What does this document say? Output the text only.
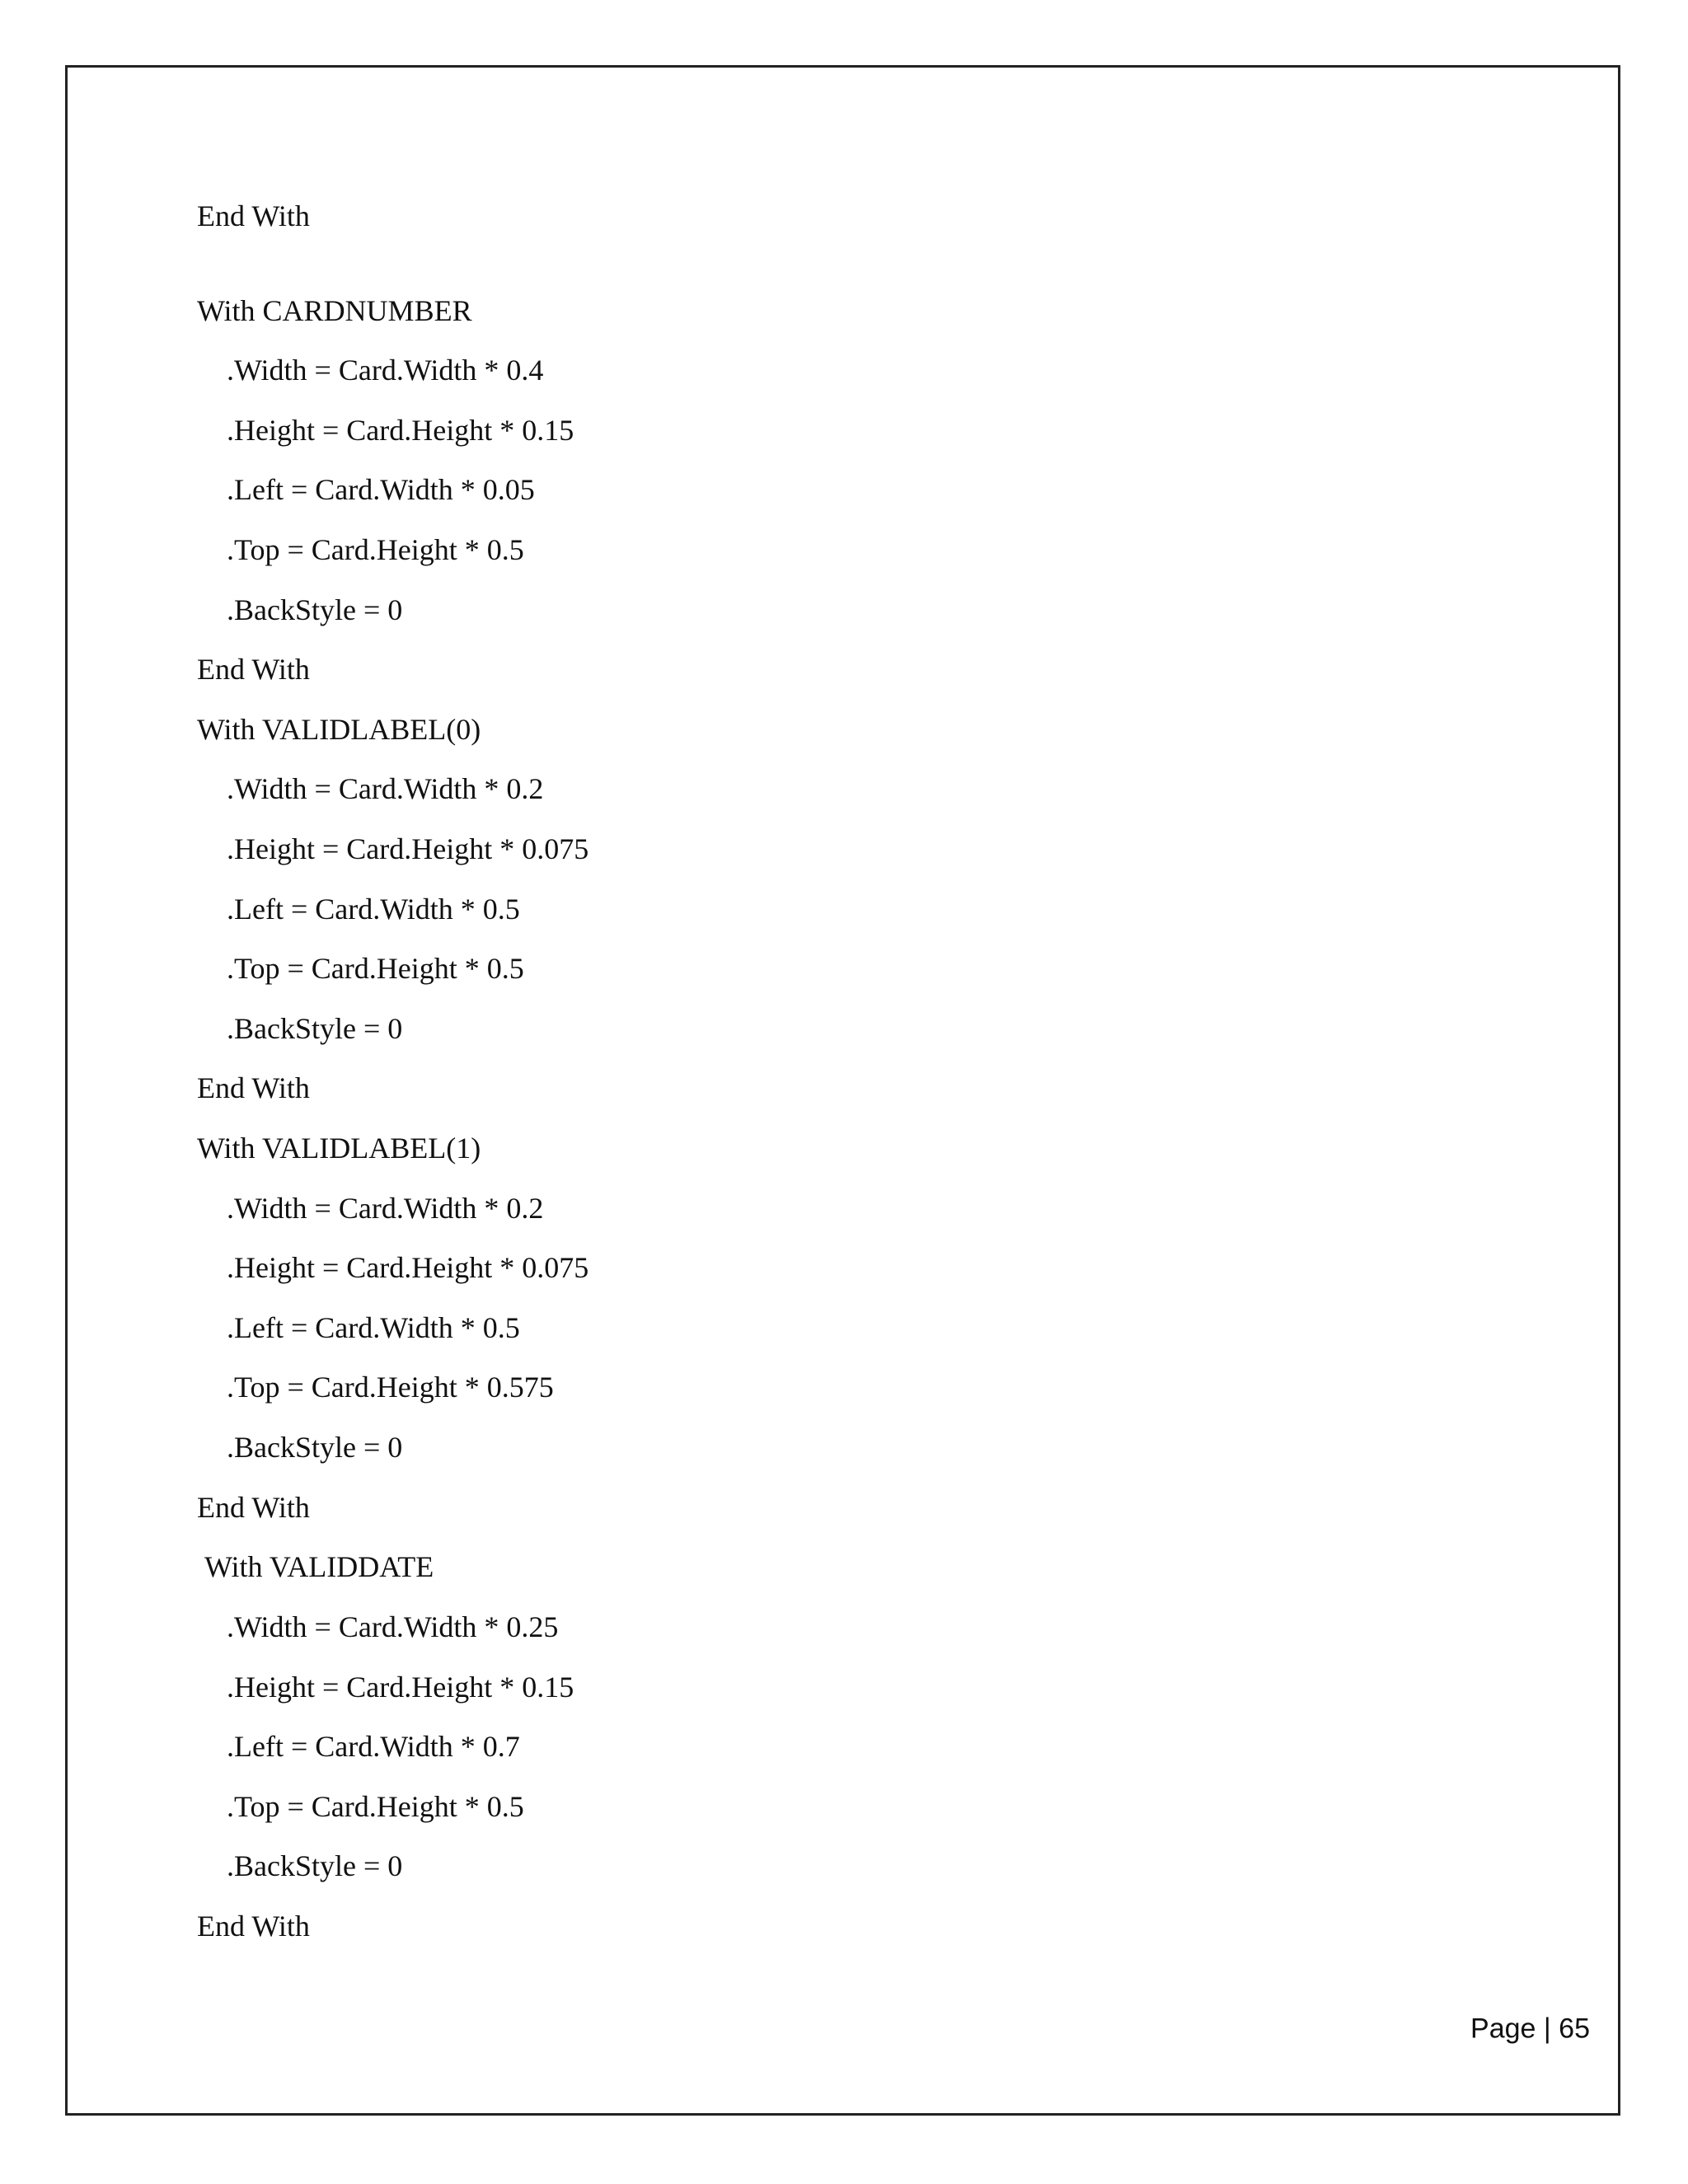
End With
With CARDNUMBER
.Width = Card.Width * 0.4
.Height = Card.Height * 0.15
.Left = Card.Width * 0.05
.Top = Card.Height * 0.5
.BackStyle = 0
End With
With VALIDLABEL(0)
.Width = Card.Width * 0.2
.Height = Card.Height * 0.075
.Left = Card.Width * 0.5
.Top = Card.Height * 0.5
.BackStyle = 0
End With
With VALIDLABEL(1)
.Width = Card.Width * 0.2
.Height = Card.Height * 0.075
.Left = Card.Width * 0.5
.Top = Card.Height * 0.575
.BackStyle = 0
End With
With VALIDDATE
.Width = Card.Width * 0.25
.Height = Card.Height * 0.15
.Left = Card.Width * 0.7
.Top = Card.Height * 0.5
.BackStyle = 0
End With
Page | 65
